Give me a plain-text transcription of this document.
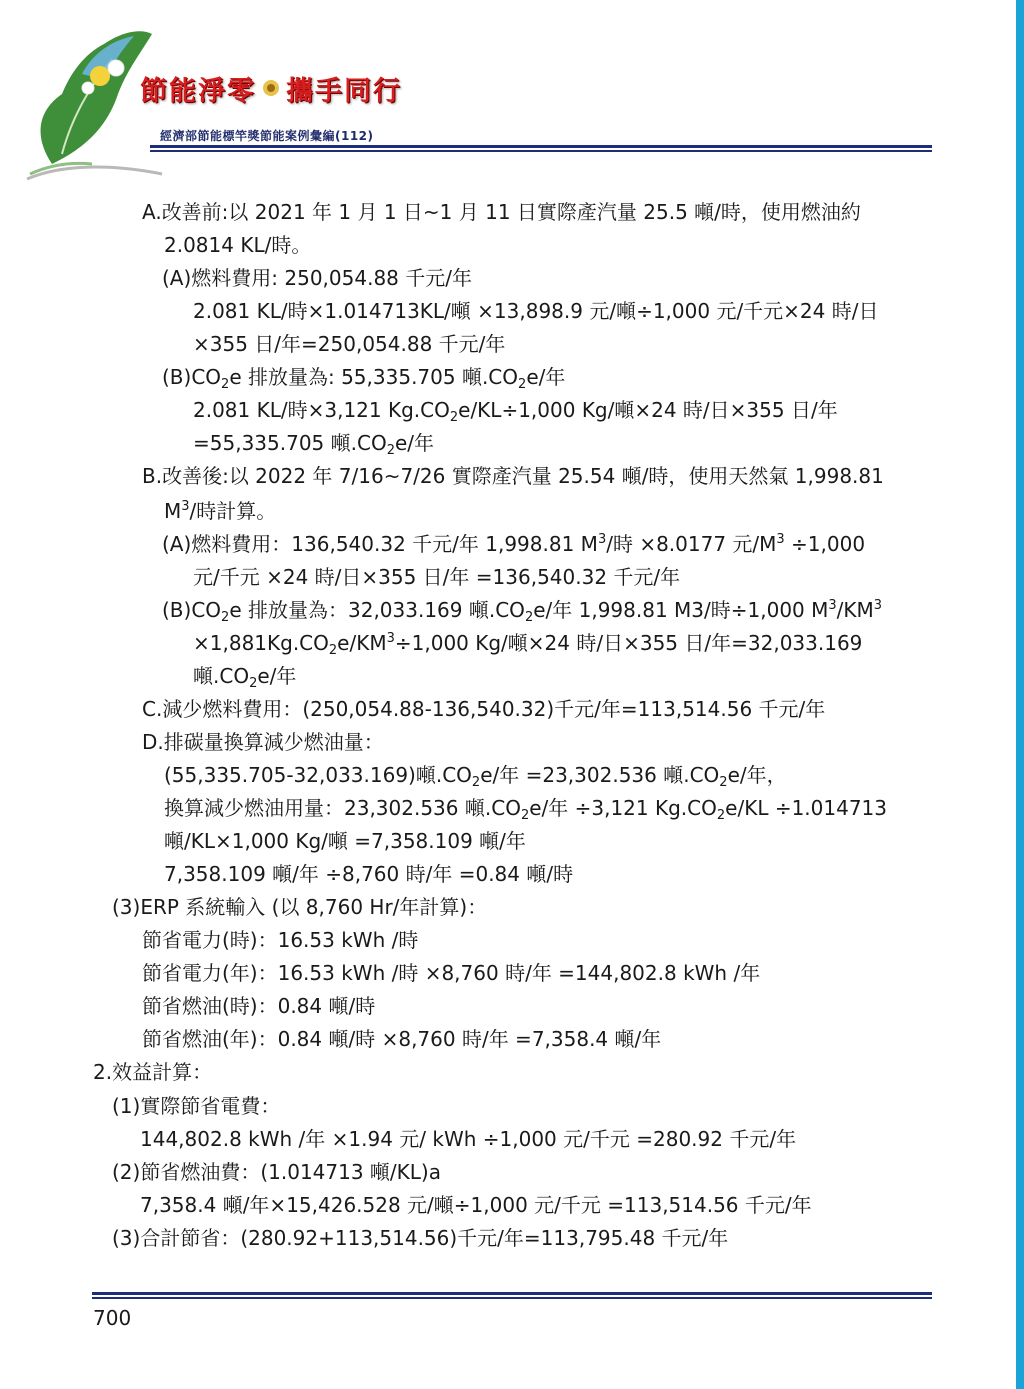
節能淨零 攜手同行
經濟部節能標竿獎節能案例彙編(112)
A.改善前:以 2021 年 1 月 1 日~1 月 11 日實際產汽量 25.5 噸/時，使用燃油約
2.0814 KL/時。
(A)燃料費用: 250,054.88 千元/年
2.081 KL/時×1.014713KL/噸 ×13,898.9 元/噸÷1,000 元/千元×24 時/日
×355 日/年=250,054.88 千元/年
$(B)CO_2e$ 排放量為: 55,335.705 噸$.CO_2e/$年
2.081 KL/時×3,121 $Kg.CO_2e/KL\div 1,000$ Kg/噸×24 時/日×355 日/年
=55,335.705 噸$.CO_2e/$年
B.改善後:以 2022 年 7/16~7/26 實際產汽量 25.54 噸/時，使用天然氣 1,998.81
$M^3/$時計算。
(A)燃料費用：136,540.32 千元/年 1,998.81 $M^3/$時 ×8.0177 元$/M^3 \div 1,000$
元/千元 ×24 時/日×355 日/年 =136,540.32 千元/年
$(B)CO_2e$ 排放量為：32,033.169 噸$.CO_2e/$年 1,998.81 M3/時÷1,000 $M^3/KM^3$
$\times 1,881Kg.CO_2e/KM^3\div 1,000$ Kg/噸×24 時/日×355 日/年=32,033.169
噸$.CO_2e/$年
C.減少燃料費用：(250,054.88-136,540.32)千元/年=113,514.56 千元/年
D.排碳量換算減少燃油量：
(55,335.705-32,033.169)噸$.CO_2e/$年 =23,302.536 噸$.CO_2e/$年，
換算減少燃油用量：23,302.536 噸$.CO_2e/$年 ÷3,121 $Kg.CO_2e/KL \div 1.014713$
噸/KL×1,000 Kg/噸 =7,358.109 噸/年
7,358.109 噸/年 ÷8,760 時/年 =0.84 噸/時
(3)ERP 系統輸入 (以 8,760 Hr/年計算)：
節省電力(時)：16.53 kWh /時
節省電力(年)：16.53 kWh /時 ×8,760 時/年 =144,802.8 kWh /年
節省燃油(時)：0.84 噸/時
節省燃油(年)：0.84 噸/時 ×8,760 時/年 =7,358.4 噸/年
2.效益計算：
(1)實際節省電費：
144,802.8 kWh /年 ×1.94 元/ kWh ÷1,000 元/千元 =280.92 千元/年
(2)節省燃油費：(1.014713 噸/KL)a
7,358.4 噸/年×15,426.528 元/噸÷1,000 元/千元 =113,514.56 千元/年
(3)合計節省：(280.92+113,514.56)千元/年=113,795.48 千元/年
700
